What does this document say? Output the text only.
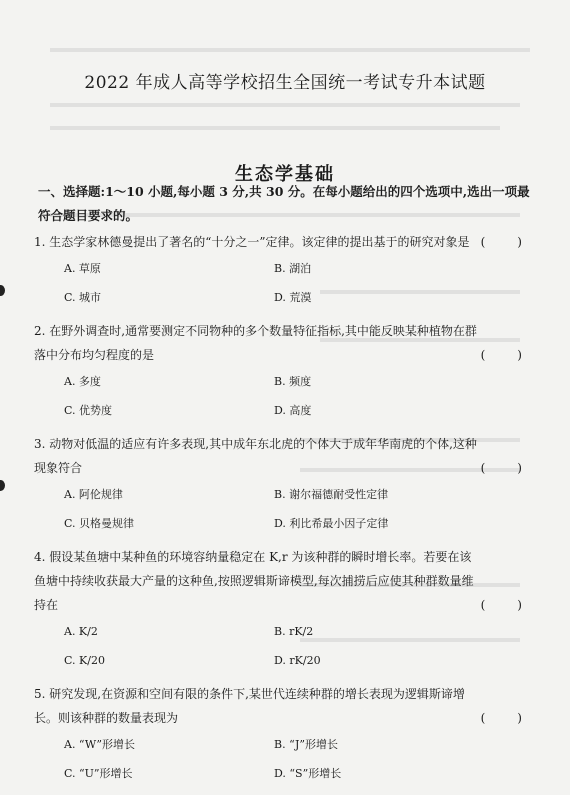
2022 年成人高等学校招生全国统一考试专升本试题
生态学基础
一、选择题:1～10 小题,每小题 3 分,共 30 分。在每小题给出的四个选项中,选出一项最符合题目要求的。
1. 生态学家林德曼提出了著名的“十分之一”定律。该定律的提出基于的研究对象是 (　)
A. 草原	B. 湖泊
C. 城市	D. 荒漠
2. 在野外调查时,通常要测定不同物种的多个数量特征指标,其中能反映某种植物在群落中分布均匀程度的是	(　)
A. 多度	B. 频度
C. 优势度	D. 高度
3. 动物对低温的适应有许多表现,其中成年东北虎的个体大于成年华南虎的个体,这种现象符合	(　)
A. 阿伦规律	B. 谢尔福德耐受性定律
C. 贝格曼规律	D. 利比希最小因子定律
4. 假设某鱼塘中某种鱼的环境容纳量稳定在 K,r 为该种群的瞬时增长率。若要在该鱼塘中持续收获最大产量的这种鱼,按照逻辑斯谛模型,每次捕捞后应使其种群数量维持在	(　)
A. K/2	B. rK/2
C. K/20	D. rK/20
5. 研究发现,在资源和空间有限的条件下,某世代连续种群的增长表现为逻辑斯谛增长。则该种群的数量表现为	(　)
A. “W”形增长	B. “J”形增长
C. “U”形增长	D. “S”形增长
